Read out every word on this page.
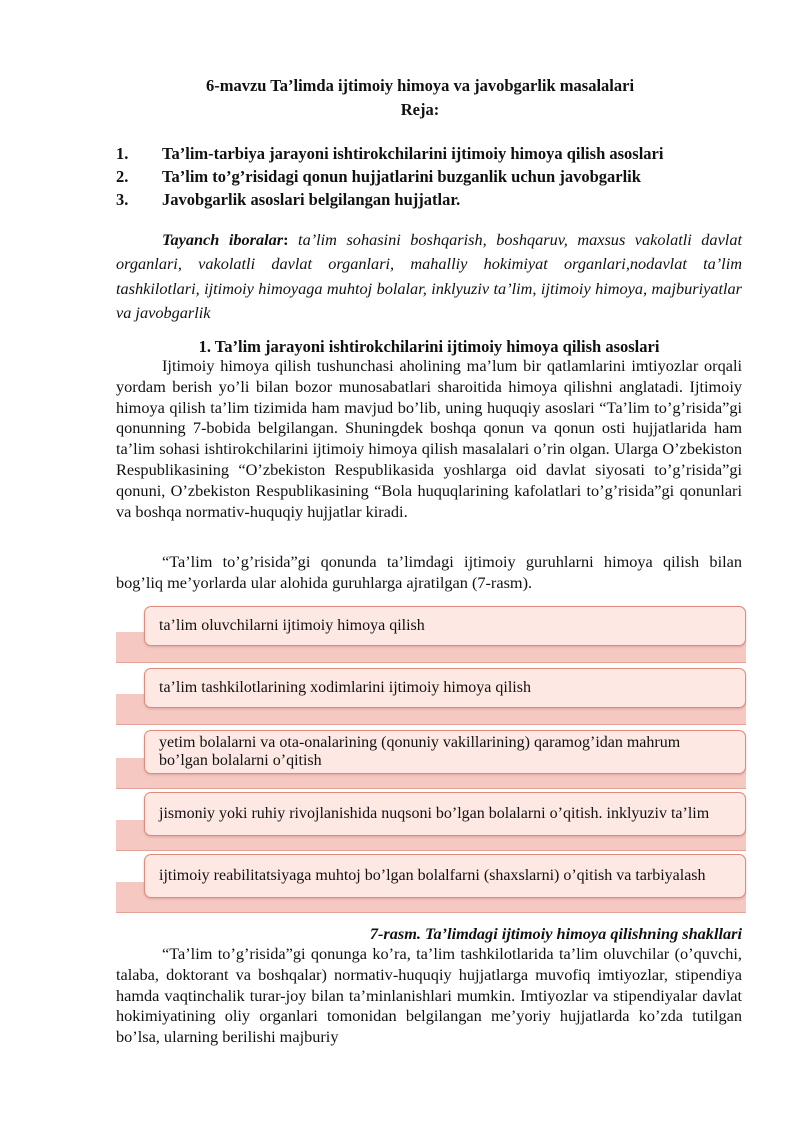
6-mavzu Ta’limda ijtimoiy himoya va javobgarlik masalalari
Reja:
1.	Ta’lim-tarbiya jarayoni ishtirokchilarini ijtimoiy himoya qilish asoslari
2.	Ta’lim to’g’risidagi qonun hujjatlarini buzganlik uchun javobgarlik
3.	Javobgarlik asoslari belgilangan hujjatlar.
Tayanch iboralar: ta’lim sohasini boshqarish, boshqaruv, maxsus vakolatli davlat organlari, vakolatli davlat organlari, mahalliy hokimiyat organlari,nodavlat ta’lim tashkilotlari, ijtimoiy himoyaga muhtoj bolalar, inklyuziv ta’lim, ijtimoiy himoya, majburiyatlar va javobgarlik
1. Ta’lim jarayoni ishtirokchilarini ijtimoiy himoya qilish asoslari
Ijtimoiy himoya qilish tushunchasi aholining ma’lum bir qatlamlarini imtiyozlar orqali yordam berish yo’li bilan bozor munosabatlari sharoitida himoya qilishni anglatadi. Ijtimoiy himoya qilish ta’lim tizimida ham mavjud bo’lib, uning huquqiy asoslari “Ta’lim to’g’risida”gi qonunning 7-bobida belgilangan. Shuningdek boshqa qonun va qonun osti hujjatlarida ham ta’lim sohasi ishtirokchilarini ijtimoiy himoya qilish masalalari o’rin olgan. Ularga O’zbekiston Respublikasining “O’zbekiston Respublikasida yoshlarga oid davlat siyosati to’g’risida”gi qonuni, O’zbekiston Respublikasining “Bola huquqlarining kafolatlari to’g’risida”gi qonunlari va boshqa normativ-huquqiy hujjatlar kiradi.
“Ta’lim to’g’risida”gi qonunda ta’limdagi ijtimoiy guruhlarni himoya qilish bilan bog’liq me’yorlarda ular alohida guruhlarga ajratilgan (7-rasm).
ta’lim oluvchilarni ijtimoiy himoya qilish
ta’lim tashkilotlarining xodimlarini ijtimoiy himoya qilish
yetim bolalarni va ota-onalarining (qonuniy vakillarining) qaramog’idan mahrum bo’lgan bolalarni o’qitish
jismoniy yoki ruhiy rivojlanishida nuqsoni bo’lgan bolalarni o’qitish. inklyuziv ta’lim
ijtimoiy reabilitatsiyaga muhtoj bo’lgan bolalfarni (shaxslarni) o’qitish va tarbiyalash
7-rasm. Ta’limdagi ijtimoiy himoya qilishning shakllari
“Ta’lim to’g’risida”gi qonunga ko’ra, ta’lim tashkilotlarida ta’lim oluvchilar (o’quvchi, talaba, doktorant va boshqalar) normativ-huquqiy hujjatlarga muvofiq imtiyozlar, stipendiya hamda vaqtinchalik turar-joy bilan ta’minlanishlari mumkin. Imtiyozlar va stipendiyalar davlat hokimiyatining oliy organlari tomonidan belgilangan me’yoriy hujjatlarda ko’zda tutilgan bo’lsa, ularning berilishi majburiy
